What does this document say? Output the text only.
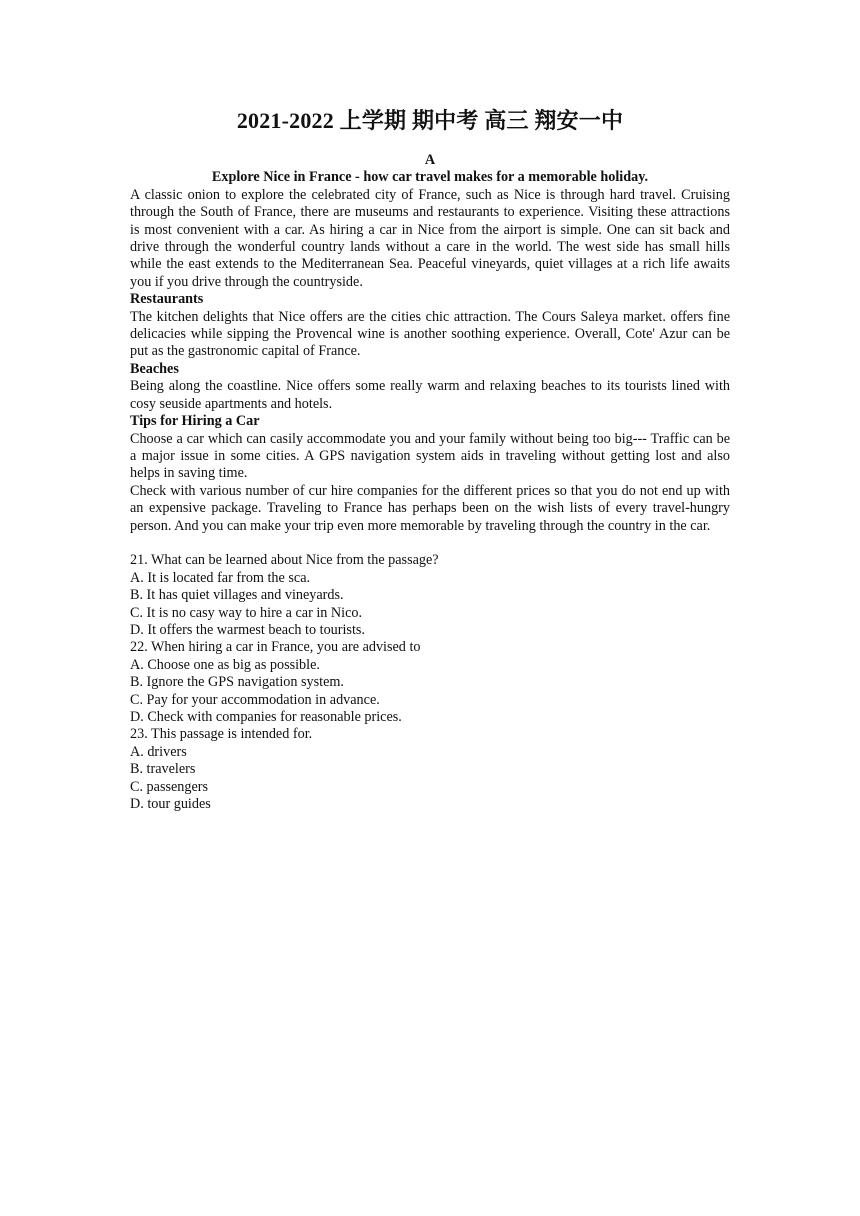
2021-2022 上学期 期中考 高三 翔安一中
A
Explore Nice in France - how car travel makes for a memorable holiday.

A classic onion to explore the celebrated city of France, such as Nice is through hard travel. Cruising through the South of France, there are museums and restaurants to experience. Visiting these attractions is most convenient with a car. As hiring a car in Nice from the airport is simple. One can sit back and drive through the wonderful country lands without a care in the world. The west side has small hills while the east extends to the Mediterranean Sea. Peaceful vineyards, quiet villages at a rich life awaits you if you drive through the countryside.

Restaurants

The kitchen delights that Nice offers are the cities chic attraction. The Cours Saleya market. offers fine delicacies while sipping the Provencal wine is another soothing experience. Overall, Cote' Azur can be put as the gastronomic capital of France.

Beaches

Being along the coastline. Nice offers some really warm and relaxing beaches to its tourists lined with cosy seuside apartments and hotels.

Tips for Hiring a Car

Choose a car which can casily accommodate you and your family without being too big--- Traffic can be a major issue in some cities. A GPS navigation system aids in traveling without getting lost and also helps in saving time.

Check with various number of cur hire companies for the different prices so that you do not end up with an expensive package. Traveling to France has perhaps been on the wish lists of every travel-hungry person. And you can make your trip even more memorable by traveling through the country in the car.

21. What can be learned about Nice from the passage?

A. It is located far from the sca.

B. It has quiet villages and vineyards.

C. It is no casy way to hire a car in Nico.

D. It offers the warmest beach to tourists.

22. When hiring a car in France, you are advised to

A. Choose one as big as possible.

B. Ignore the GPS navigation system.

C. Pay for your accommodation in advance.

D. Check with companies for reasonable prices.

23. This passage is intended for.

A. drivers

B. travelers

C. passengers

D. tour guides
